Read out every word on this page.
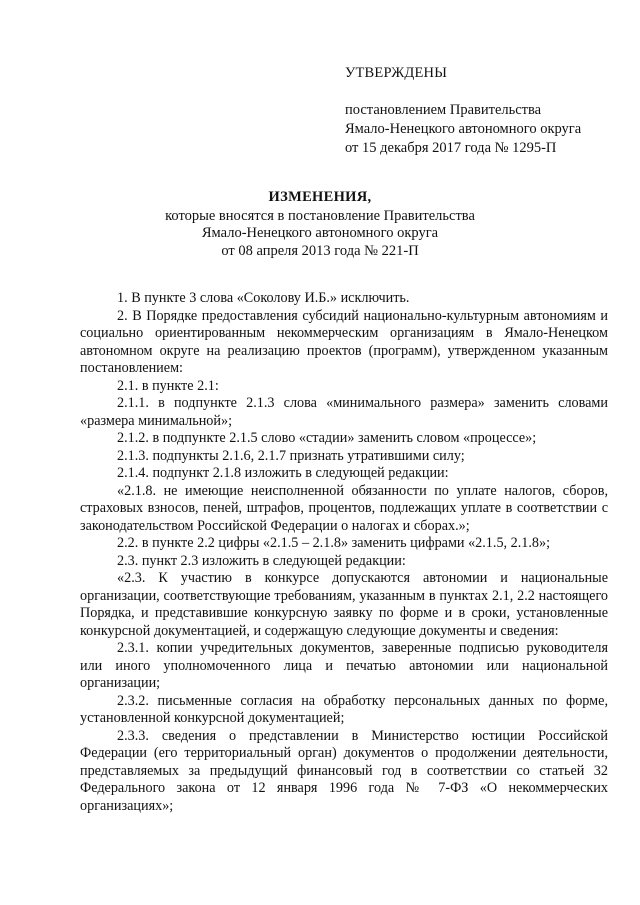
УТВЕРЖДЕНЫ
постановлением Правительства
Ямало-Ненецкого автономного округа
от 15 декабря 2017 года № 1295-П
ИЗМЕНЕНИЯ,
которые вносятся в постановление Правительства
Ямало-Ненецкого автономного округа
от 08 апреля 2013 года № 221-П

1. В пункте 3 слова «Соколову И.Б.» исключить.

2. В Порядке предоставления субсидий национально-культурным автономиям и социально ориентированным некоммерческим организациям в Ямало-Ненецком автономном округе на реализацию проектов (программ), утвержденном указанным постановлением:

2.1. в пункте 2.1:

2.1.1. в подпункте 2.1.3 слова «минимального размера» заменить словами «размера минимальной»;

2.1.2. в подпункте 2.1.5 слово «стадии» заменить словом «процессе»;

2.1.3. подпункты 2.1.6, 2.1.7 признать утратившими силу;

2.1.4. подпункт 2.1.8 изложить в следующей редакции:

«2.1.8. не имеющие неисполненной обязанности по уплате налогов, сборов, страховых взносов, пеней, штрафов, процентов, подлежащих уплате в соответствии с законодательством Российской Федерации о налогах и сборах.»;

2.2. в пункте 2.2 цифры «2.1.5 – 2.1.8» заменить цифрами «2.1.5, 2.1.8»;

2.3. пункт 2.3 изложить в следующей редакции:

«2.3. К участию в конкурсе допускаются автономии и национальные организации, соответствующие требованиям, указанным в пунктах 2.1, 2.2 настоящего Порядка, и представившие конкурсную заявку по форме и в сроки, установленные конкурсной документацией, и содержащую следующие документы и сведения:

2.3.1. копии учредительных документов, заверенные подписью руководителя или иного уполномоченного лица и печатью автономии или национальной организации;

2.3.2. письменные согласия на обработку персональных данных по форме, установленной конкурсной документацией;

2.3.3. сведения о представлении в Министерство юстиции Российской Федерации (его территориальный орган) документов о продолжении деятельности, представляемых за предыдущий финансовый год в соответствии со статьей 32 Федерального закона от 12 января 1996 года № 7-ФЗ «О некоммерческих организациях»;
